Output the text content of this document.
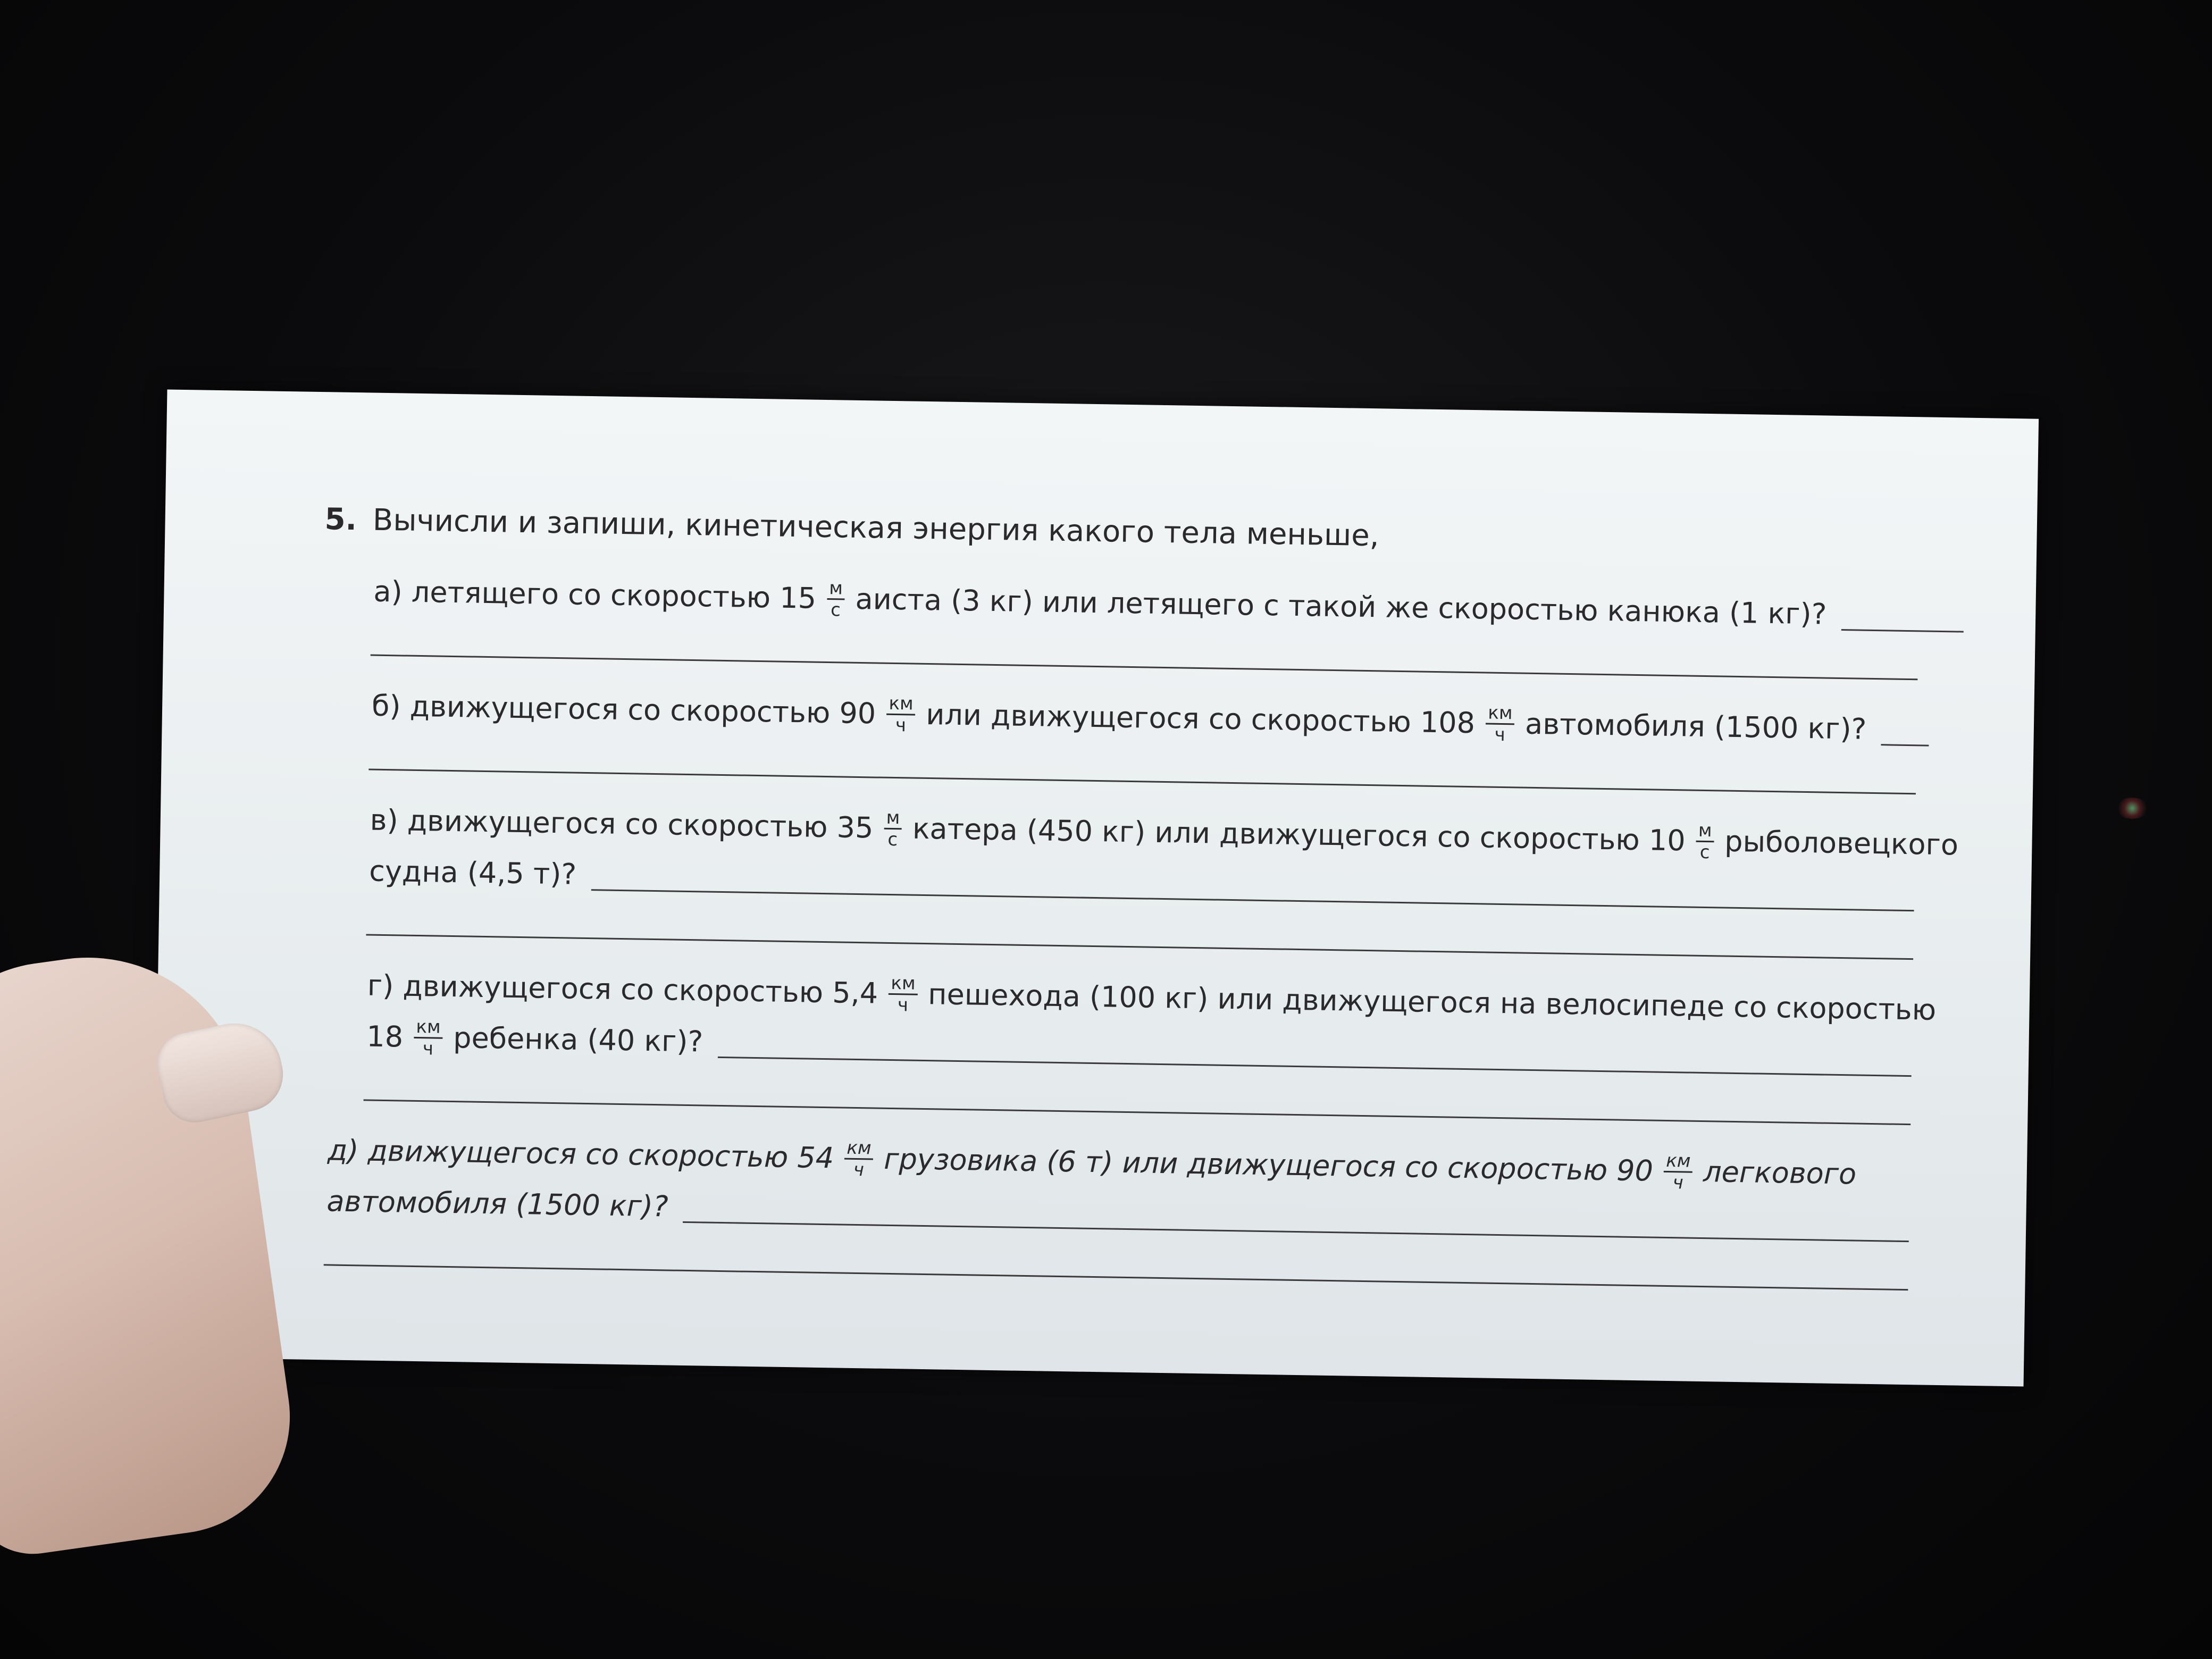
5. Вычисли и запиши, кинетическая энергия какого тела меньше,
а) летящего со скоростью $15 \frac{м}{с}$ аиста (3 кг) или летящего с такой же скоростью канюка (1 кг)?
б) движущегося со скоростью $90 \frac{км}{ч}$ или движущегося со скоростью $108 \frac{км}{ч}$ автомобиля (1500 кг)?
в) движущегося со скоростью $35 \frac{м}{с}$ катера (450 кг) или движущегося со скоростью $10 \frac{м}{с}$ рыболовецкого
судна (4,5 т)?
г) движущегося со скоростью $5,4 \frac{км}{ч}$ пешехода (100 кг) или движущегося на велосипеде со скоростью
$18 \frac{км}{ч}$ ребенка (40 кг)?
д) движущегося со скоростью $54 \frac{км}{ч}$ грузовика (6 т) или движущегося со скоростью $90 \frac{км}{ч}$ легкового
автомобиля (1500 кг)?
